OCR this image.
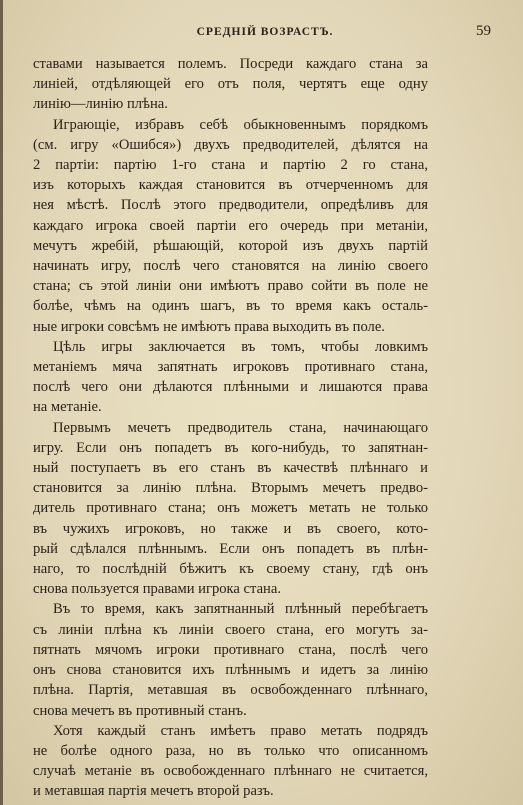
СРЕДНІЙ ВОЗРАСТЪ.	59

ставами называется полемъ. Посреди каждаго стана за
линіей, отдѣляющей его отъ поля, чертятъ еще одну
линію—линію плѣна.

Играющіе, избравъ себѣ обыкновеннымъ порядкомъ
(см. игру «Ошибся») двухъ предводителей, дѣлятся на
2 партіи: партію 1-го стана и партію 2 го стана,
изъ которыхъ каждая становится въ отчерченномъ для
нея мѣстѣ. Послѣ этого предводители, опредѣливъ для
каждаго игрока своей партіи его очередь при метаніи,
мечутъ жребій, рѣшающій, которой изъ двухъ партій
начинать игру, послѣ чего становятся на линію своего
стана; съ этой линіи они имѣютъ право сойти въ поле не
болѣе, чѣмъ на одинъ шагъ, въ то время какъ осталь-
ные игроки совсѣмъ не имѣютъ права выходить въ поле.

Цѣль игры заключается въ томъ, чтобы ловкимъ
метаніемъ мяча запятнать игроковъ противнаго стана,
послѣ чего они дѣлаются плѣнными и лишаются права
на метаніе.

Первымъ мечетъ предводитель стана, начинающаго
игру. Если онъ попадетъ въ кого-нибудь, то запятнан-
ный поступаетъ въ его станъ въ качествѣ плѣннаго и
становится за линію плѣна. Вторымъ мечетъ предво-
дитель противнаго стана; онъ можетъ метать не только
въ чужихъ игроковъ, но также и въ своего, кото-
рый сдѣлался плѣннымъ. Если онъ попадетъ въ плѣн-
наго, то послѣдній бѣжитъ къ своему стану, гдѣ онъ
снова пользуется правами игрока стана.

Въ то время, какъ запятнанный плѣнный перебѣгаетъ
съ линіи плѣна къ линіи своего стана, его могутъ за-
пятнать мячомъ игроки противнаго стана, послѣ чего
онъ снова становится ихъ плѣннымъ и идетъ за линію
плѣна. Партія, метавшая въ освобожденнаго плѣннаго,
снова мечетъ въ противный станъ.

Хотя каждый станъ имѣетъ право метать подрядъ
не болѣе одного раза, но въ только что описанномъ
случаѣ метаніе въ освобожденнаго плѣннаго не считается,
и метавшая партія мечетъ второй разъ.
